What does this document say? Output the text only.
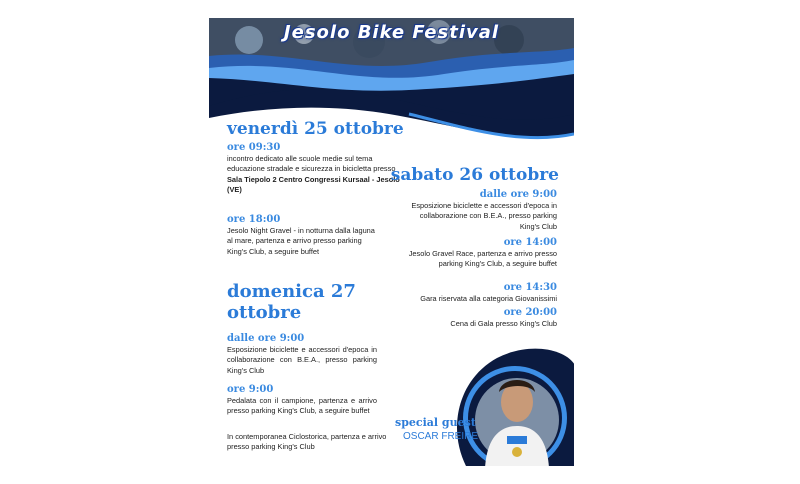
Jesolo Bike Festival
venerdì 25 ottobre
ore 09:30
incontro dedicato alle scuole medie sul tema educazione stradale e sicurezza in bicicletta presso Sala Tiepolo 2 Centro Congressi Kursaal - Jesolo (VE)
ore 18:00
Jesolo Night Gravel - in notturna dalla laguna al mare, partenza e arrivo presso parking King's Club, a seguire buffet
domenica 27
ottobre
dalle ore 9:00
Esposizione biciclette e accessori d'epoca in collaborazione con B.E.A., presso parking King's Club
ore 9:00
Pedalata con il campione, partenza e arrivo presso parking King's Club, a seguire buffet
In contemporanea Ciclostorica, partenza e arrivo presso parking King's Club
sabato 26 ottobre
dalle ore 9:00
Esposizione biciclette e accessori d'epoca in collaborazione con B.E.A., presso parking King's Club
ore 14:00
Jesolo Gravel Race, partenza e arrivo presso parking King's Club, a seguire buffet
ore 14:30
Gara riservata alla categoria Giovanissimi
ore 20:00
Cena di Gala presso King's Club
special guest
OSCAR FREIRE
